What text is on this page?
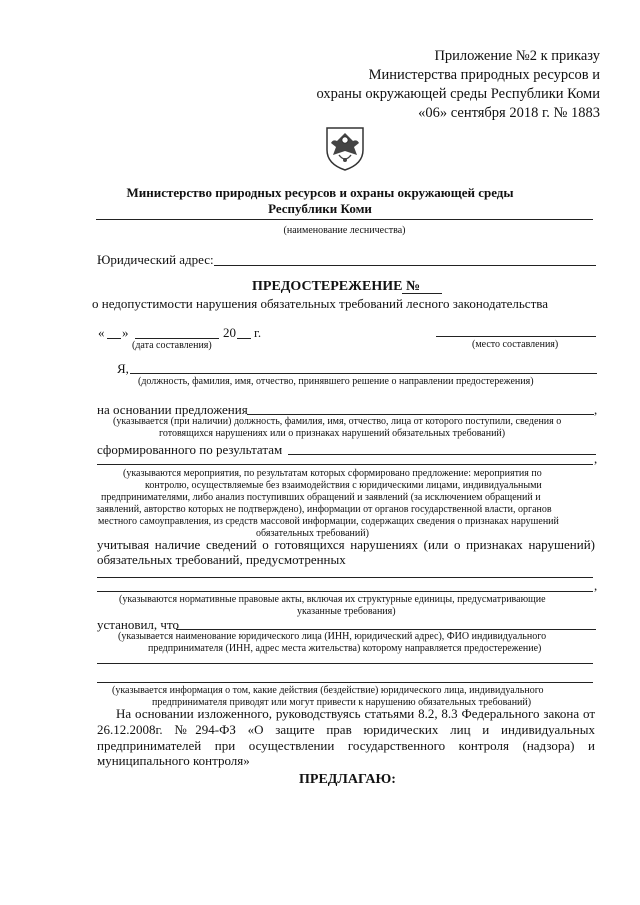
Приложение №2 к приказу
Министерства природных ресурсов и
охраны окружающей среды Республики Коми
«06» сентября 2018 г. № 1883
Министерство природных ресурсов и охраны окружающей среды
Республики Коми
(наименование лесничества)
Юридический адрес:
ПРЕДОСТЕРЕЖЕНИЕ №
о недопустимости нарушения обязательных требований лесного законодательства
« »	20 г.
(дата составления)	(место составления)
Я,
(должность, фамилия, имя, отчество, принявшего решение о направлении предостережения)
на основании предложения	,
(указывается (при наличии) должность, фамилия, имя, отчество, лица от которого поступили, сведения о
готовящихся нарушениях или о признаках нарушений обязательных требований)
сформированного по результатам
,
(указываются мероприятия, по результатам которых сформировано предложение: мероприятия по
контролю, осуществляемые без взаимодействия с юридическими лицами, индивидуальными
предпринимателями, либо анализ поступивших обращений и заявлений (за исключением обращений и
заявлений, авторство которых не подтверждено), информации от органов государственной власти, органов
местного самоуправления, из средств массовой информации, содержащих сведения о признаках нарушений
обязательных требований)
учитывая наличие сведений о готовящихся нарушениях (или о признаках нарушений)
обязательных требований, предусмотренных
,
(указываются нормативные правовые акты, включая их структурные единицы, предусматривающие
указанные требования)
установил, что
(указывается наименование юридического лица (ИНН, юридический адрес), ФИО индивидуального
предпринимателя (ИНН, адрес места жительства) которому направляется предостережение)
(указывается информация о том, какие действия (бездействие) юридического лица, индивидуального
предпринимателя приводят или могут привести к нарушению обязательных требований)
На основании изложенного, руководствуясь статьями 8.2, 8.3 Федерального закона от
26.12.2008г. №294-ФЗ «О защите прав юридических лиц и индивидуальных
предпринимателей при осуществлении государственного контроля (надзора) и
муниципального контроля»
ПРЕДЛАГАЮ:
